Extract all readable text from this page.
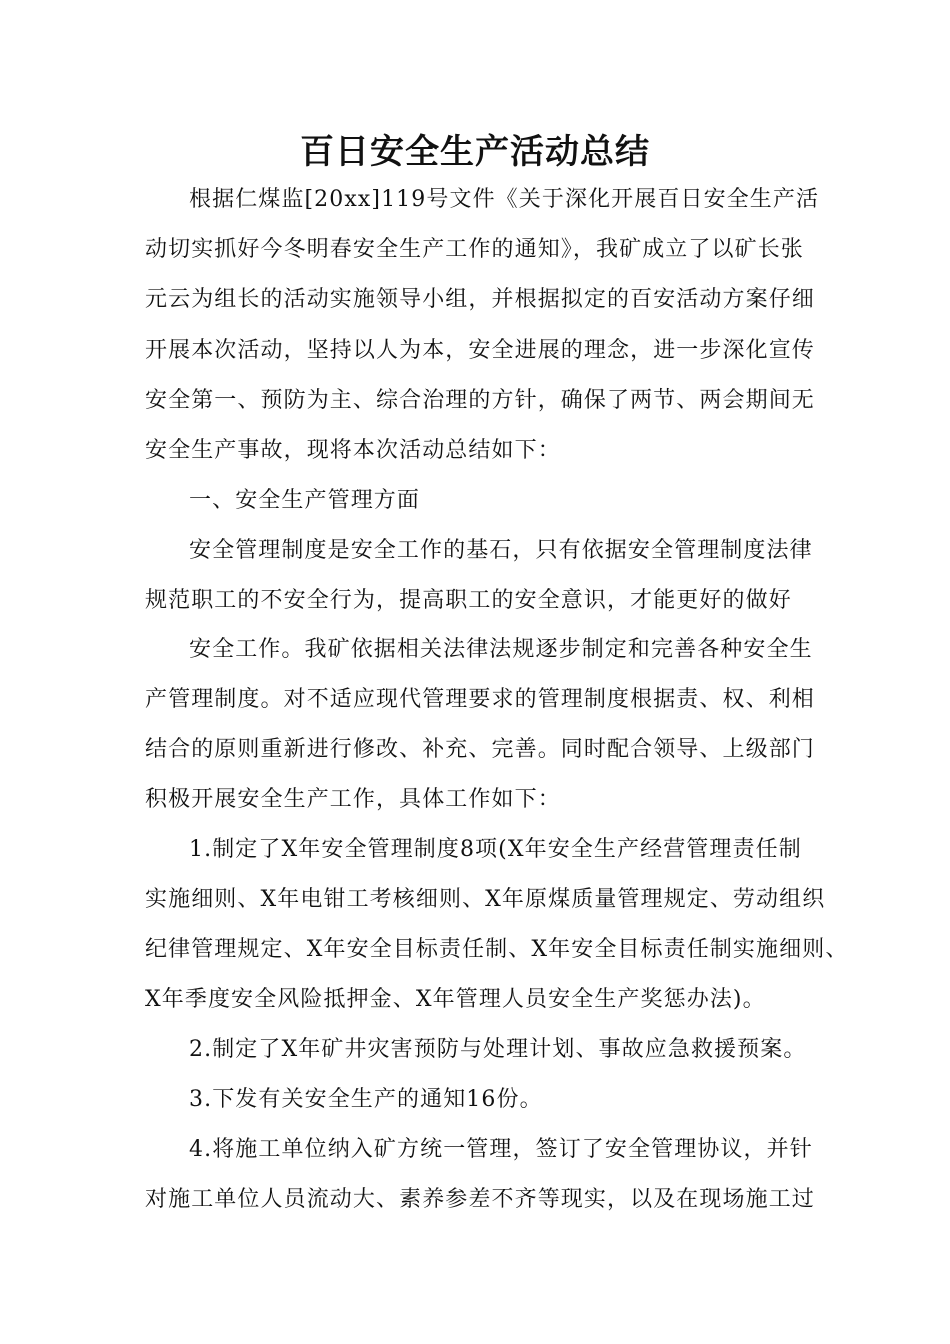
百日安全生产活动总结

根据仁煤监[20xx]119号文件《关于深化开展百日安全生产活

动切实抓好今冬明春安全生产工作的通知》，我矿成立了以矿长张

元云为组长的活动实施领导小组，并根据拟定的百安活动方案仔细

开展本次活动，坚持以人为本，安全进展的理念，进一步深化宣传

安全第一、预防为主、综合治理的方针，确保了两节、两会期间无

安全生产事故，现将本次活动总结如下：

一、安全生产管理方面

安全管理制度是安全工作的基石，只有依据安全管理制度法律

规范职工的不安全行为，提高职工的安全意识，才能更好的做好

安全工作。我矿依据相关法律法规逐步制定和完善各种安全生

产管理制度。对不适应现代管理要求的管理制度根据责、权、利相

结合的原则重新进行修改、补充、完善。同时配合领导、上级部门

积极开展安全生产工作，具体工作如下：

1.制定了X年安全管理制度8项(X年安全生产经营管理责任制

实施细则、X年电钳工考核细则、X年原煤质量管理规定、劳动组织

纪律管理规定、X年安全目标责任制、X年安全目标责任制实施细则、

X年季度安全风险抵押金、X年管理人员安全生产奖惩办法)。

2.制定了X年矿井灾害预防与处理计划、事故应急救援预案。

3.下发有关安全生产的通知16份。

4.将施工单位纳入矿方统一管理，签订了安全管理协议，并针

对施工单位人员流动大、素养参差不齐等现实，以及在现场施工过
